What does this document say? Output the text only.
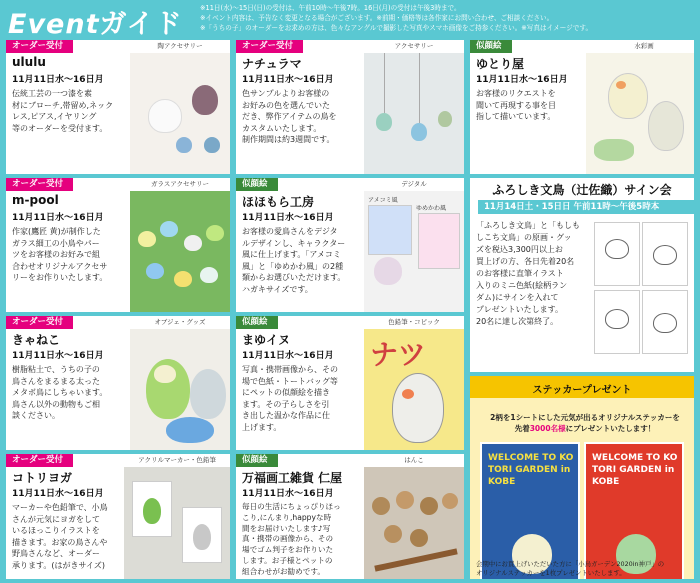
Eventガイド
※11日(水)〜15日(日)の受付は、午前10時〜午後7時。16日(月)の受付は午後3時まで。
※イベント内容は、予告なく変更となる場合がございます。※前期・価格等は各作家にお問い合わせ、ご相談ください。
※「うちの子」のオーダーをお求めの方は、色々なアングルで撮影した写真やスマホ画像をご持参ください。※写真はイメージです。
オーダー受付	陶アクセサリー
ululu
11月11日水〜16日月
伝統工芸の一つ漆を素
材にブローチ,帯留め,ネック
レス,ピアス,イヤリング
等のオーダーを受付ます。
オーダー受付	アクセサリー
ナチュラマ
11月11日水〜16日月
色サンプルよりお客様の
お好みの色を選んでいた
だき、弊作アイテムの鳥を
カスタムいたします。
制作期間は約3週間です。
似顔絵	水彩画
ゆとり屋
11月11日水〜16日月
お客様のリクエストを
聞いて再現する事を目
指して描いています。
オーダー受付	ガラスアクセサリー
m-pool
11月11日水〜16日月
作家(鷹匠 黄)が制作した
ガラス細工の小鳥やパー
ツをお客様のお好みで組
合わせオリジナルアクセサ
リーをお作りいたします。
似顔絵	デジタル
ほほもら工房
11月11日水〜16日月
お客様の愛鳥さんをデジタ
ルデザインし、キャラクター
風に仕上げます。「アメコミ
風」と「ゆめかわ風」の2種
類からお選びいただけます。
ハガキサイズです。
アメコミ風
ゆめかわ風
ふろしき文鳥（辻佐織）サイン会
11月14日土・15日日 午前11時〜午後5時本
「ふろしき文鳥」と「もしも
しこち文鳥」の原画・グッ
ズを税込3,300円以上お
買上げの方、各日先着20名
のお客様に直筆イラスト
入りのミニ色紙(絵柄ラン
ダム)にサインを入れて
プレゼントいたします。
20名に達し次第終了。
オーダー受付	オブジェ・グッズ
きゃねこ
11月11日水〜16日月
樹脂粘土で、うちの子の
鳥さんをまるまる太った
メタボ鳥にしちゃいます。
鳥さん以外の動物もご相
談ください。
似顔絵	色鉛筆・コピック
まゆイヌ
11月11日水〜16日月
写真・携帯画像から、その
場で色紙・トートバッグ等
にペットの似顔絵を描き
ます。その子らしさを引
き出した温かな作品に仕
上げます。
ナツ
ステッカープレゼント
2柄を1シートにした元気が出るオリジナルステッカーを
先着3000名様にプレゼントいたします！
WELCOME TO KOTORI GARDEN in KOBE
WELCOME TO KOTORI GARDEN in KOBE
会期中にお買上げいただいた方に「小鳥ガーデン2020in神戸」の
オリジナルステッカーを1枚プレゼントいたします。
オーダー受付	アクリルマーカー・色鉛筆
コトリヨガ
11月11日水〜16日月
マーカーや色鉛筆で、小鳥
さんが元気にヨガをして
いるほっこりイラストを
描きます。お家の鳥さんや
野鳥さんなど、オーダー
承ります。(はがきサイズ)
似顔絵	はんこ
万福画工雑貨 仁屋
11月11日水〜16日月
毎日の生活にちょっぴりほっ
こり,にんまり,happyな時
間をお届けいたします♪写
真・携帯の画像から、その
場でゴム判子をお作りいた
します。お子様とペットの
組合わせがお勧めです。
